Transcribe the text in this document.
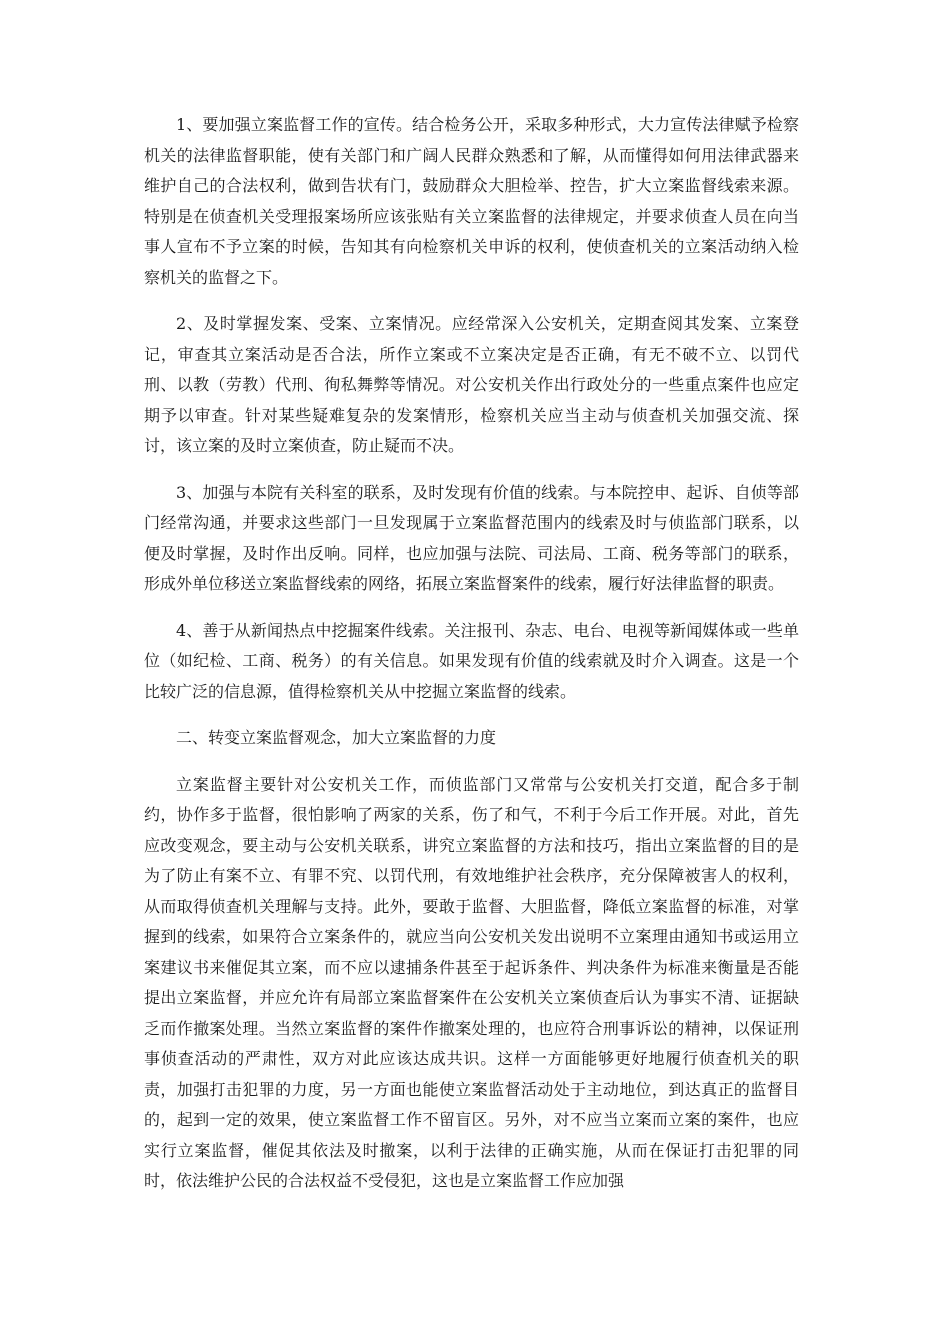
1、要加强立案监督工作的宣传。结合检务公开，采取多种形式，大力宣传法律赋予检察机关的法律监督职能，使有关部门和广阔人民群众熟悉和了解，从而懂得如何用法律武器来维护自己的合法权利，做到告状有门，鼓励群众大胆检举、控告，扩大立案监督线索来源。特别是在侦查机关受理报案场所应该张贴有关立案监督的法律规定，并要求侦查人员在向当事人宣布不予立案的时候，告知其有向检察机关申诉的权利，使侦查机关的立案活动纳入检察机关的监督之下。

2、及时掌握发案、受案、立案情况。应经常深入公安机关，定期查阅其发案、立案登记，审查其立案活动是否合法，所作立案或不立案决定是否正确，有无不破不立、以罚代刑、以教（劳教）代刑、徇私舞弊等情况。对公安机关作出行政处分的一些重点案件也应定期予以审查。针对某些疑难复杂的发案情形，检察机关应当主动与侦查机关加强交流、探讨，该立案的及时立案侦查，防止疑而不决。

3、加强与本院有关科室的联系，及时发现有价值的线索。与本院控申、起诉、自侦等部门经常沟通，并要求这些部门一旦发现属于立案监督范围内的线索及时与侦监部门联系，以便及时掌握，及时作出反响。同样，也应加强与法院、司法局、工商、税务等部门的联系，形成外单位移送立案监督线索的网络，拓展立案监督案件的线索，履行好法律监督的职责。

4、善于从新闻热点中挖掘案件线索。关注报刊、杂志、电台、电视等新闻媒体或一些单位（如纪检、工商、税务）的有关信息。如果发现有价值的线索就及时介入调查。这是一个比较广泛的信息源，值得检察机关从中挖掘立案监督的线索。

二、转变立案监督观念，加大立案监督的力度

立案监督主要针对公安机关工作，而侦监部门又常常与公安机关打交道，配合多于制约，协作多于监督，很怕影响了两家的关系，伤了和气，不利于今后工作开展。对此，首先应改变观念，要主动与公安机关联系，讲究立案监督的方法和技巧，指出立案监督的目的是为了防止有案不立、有罪不究、以罚代刑，有效地维护社会秩序，充分保障被害人的权利，从而取得侦查机关理解与支持。此外，要敢于监督、大胆监督，降低立案监督的标准，对掌握到的线索，如果符合立案条件的，就应当向公安机关发出说明不立案理由通知书或运用立案建议书来催促其立案，而不应以逮捕条件甚至于起诉条件、判决条件为标准来衡量是否能提出立案监督，并应允许有局部立案监督案件在公安机关立案侦查后认为事实不清、证据缺乏而作撤案处理。当然立案监督的案件作撤案处理的，也应符合刑事诉讼的精神，以保证刑事侦查活动的严肃性，双方对此应该达成共识。这样一方面能够更好地履行侦查机关的职责，加强打击犯罪的力度，另一方面也能使立案监督活动处于主动地位，到达真正的监督目的，起到一定的效果，使立案监督工作不留盲区。另外，对不应当立案而立案的案件，也应实行立案监督，催促其依法及时撤案，以利于法律的正确实施，从而在保证打击犯罪的同时，依法维护公民的合法权益不受侵犯，这也是立案监督工作应加强
